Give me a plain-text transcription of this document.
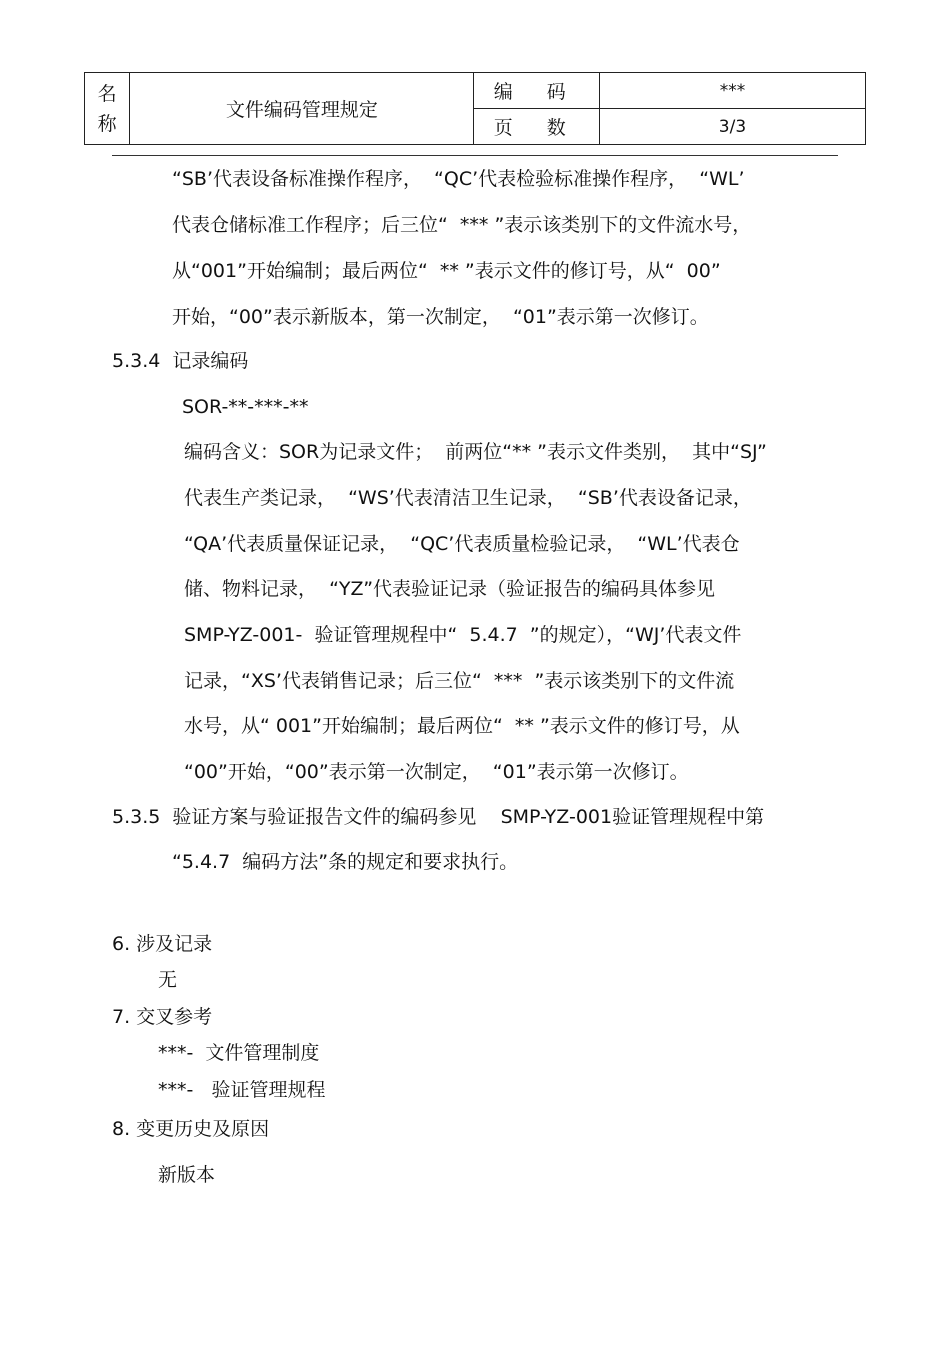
名
称	文件编码管理规定	编 码	***
		页 数	3/3
“SB’代表设备标准操作程序，  “QC’代表检验标准操作程序，  “WL’
代表仓储标准工作程序；后三位“  *** ”表示该类别下的文件流水号，
从“001”开始编制；最后两位“  ** ”表示文件的修订号，从“  00”
开始，“00”表示新版本，第一次制定，  “01”表示第一次修订。
5.3.4  记录编码
SOR-**-***-**
编码含义：SOR为记录文件；  前两位“** ”表示文件类别，  其中“SJ”
代表生产类记录，  “WS’代表清洁卫生记录，  “SB’代表设备记录，
“QA’代表质量保证记录，  “QC’代表质量检验记录，  “WL’代表仓
储、物料记录，  “YZ”代表验证记录（验证报告的编码具体参见
SMP-YZ-001-  验证管理规程中“  5.4.7  ”的规定），“WJ’代表文件
记录，“XS’代表销售记录；后三位“  ***  ”表示该类别下的文件流
水号，从“ 001”开始编制；最后两位“  ** ”表示文件的修订号，从
“00”开始，“00”表示第一次制定，  “01”表示第一次修订。
5.3.5  验证方案与验证报告文件的编码参见    SMP-YZ-001验证管理规程中第
“5.4.7  编码方法”条的规定和要求执行。
6. 涉及记录
无
7. 交叉参考
***-  文件管理制度
***-   验证管理规程
8. 变更历史及原因
新版本
